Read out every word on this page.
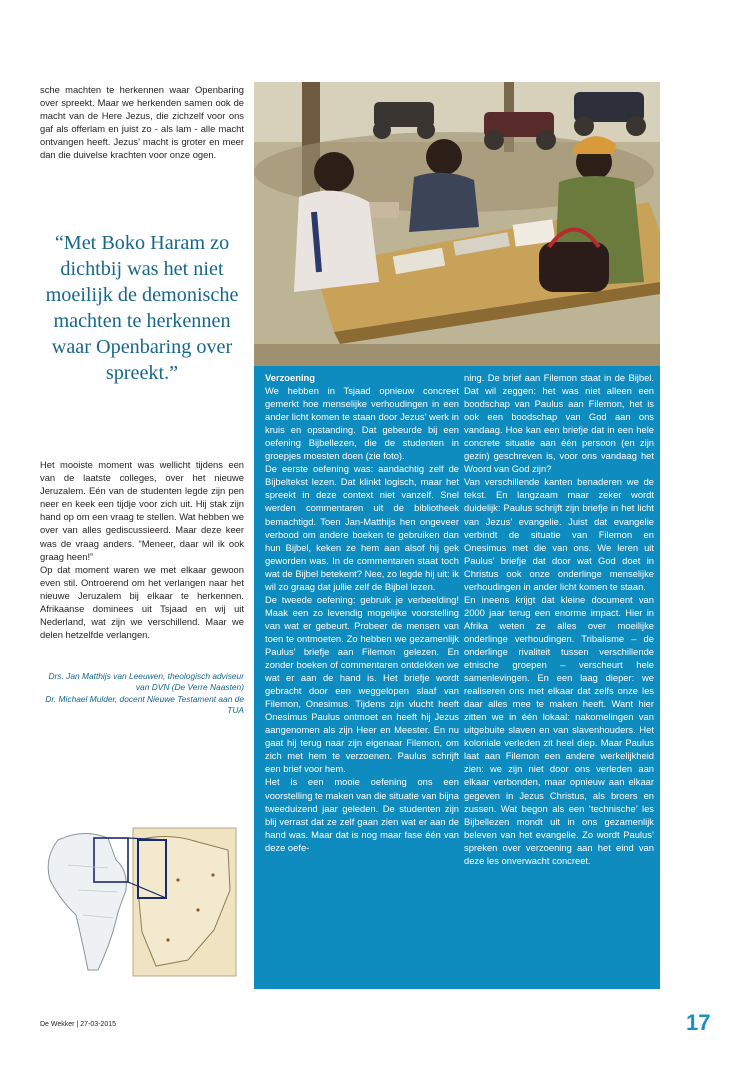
sche machten te herkennen waar Openbaring over spreekt. Maar we herkenden samen ook de macht van de Here Jezus, die zichzelf voor ons gaf als offerlam en juist zo - als lam - alle macht ontvangen heeft. Jezus’ macht is groter en meer dan die duivelse krachten voor onze ogen.

“Met Boko Haram zo dichtbij was het niet moeilijk de demonische machten te herkennen waar Openbaring over spreekt.”

Het mooiste moment was wellicht tijdens een van de laatste colleges, over het nieuwe Jeruzalem. Eén van de studenten legde zijn pen neer en keek een tijdje voor zich uit. Hij stak zijn hand op om een vraag te stellen. Wat hebben we over van alles gediscussieerd. Maar deze keer was de vraag anders. “Meneer, daar wil ik ook graag heen!”

Op dat moment waren we met elkaar gewoon even stil. Ontroerend om het verlangen naar het nieuwe Jeruzalem bij elkaar te herkennen. Afrikaanse dominees uit Tsjaad en wij uit Nederland, wat zijn we verschillend. Maar we delen hetzelfde verlangen.

Drs. Jan Matthijs van Leeuwen, theologisch adviseur van DVN (De Verre Naasten)

Dr. Michael Mulder, docent Nieuwe Testament aan de TUA

Verzoening

We hebben in Tsjaad opnieuw concreet gemerkt hoe menselijke verhoudingen in een ander licht komen te staan door Jezus’ werk in kruis en opstanding. Dat gebeurde bij een oefening Bijbellezen, die de studenten in groepjes moesten doen (zie foto).

De eerste oefening was: aandachtig zelf de Bijbeltekst lezen. Dat klinkt logisch, maar het spreekt in deze context niet vanzelf. Snel werden commentaren uit de bibliotheek bemachtigd. Toen Jan-Matthijs hen ongeveer verbood om andere boeken te gebruiken dan hun Bijbel, keken ze hem aan alsof hij gek geworden was. In de commentaren staat toch wat de Bijbel betekent? Nee, zo legde hij uit: ik wil zo graag dat jullie zelf de Bijbel lezen.

De tweede oefening: gebruik je verbeelding! Maak een zo levendig mogelijke voorstelling van wat er gebeurt. Probeer de mensen van toen te ontmoeten. Zo hebben we gezamenlijk Paulus’ briefje aan Filemon gelezen. En zonder boeken of commentaren ontdekken we wat er aan de hand is. Het briefje wordt gebracht door een weggelopen slaaf van Filemon, Onesimus. Tijdens zijn vlucht heeft Onesimus Paulus ontmoet en heeft hij Jezus aangenomen als zijn Heer en Meester. En nu gaat hij terug naar zijn eigenaar Filemon, om zich met hem te verzoenen. Paulus schrijft een brief voor hem.

Het is een mooie oefening ons een voorstelling te maken van die situatie van bijna tweeduizend jaar geleden. De studenten zijn blij verrast dat ze zelf gaan zien wat er aan de hand was. Maar dat is nog maar fase één van deze oefe-

ning. De brief aan Filemon staat in de Bijbel. Dat wil zeggen: het was niet alleen een boodschap van Paulus aan Filemon, het is ook een boodschap van God aan ons vandaag. Hoe kan een briefje dat in een hele concrete situatie aan één persoon (en zijn gezin) geschreven is, voor ons vandaag het Woord van God zijn?

Van verschillende kanten benaderen we de tekst. En langzaam maar zeker wordt duidelijk: Paulus schrijft zijn briefje in het licht van Jezus’ evangelie. Juist dat evangelie verbindt de situatie van Filemon en Onesimus met die van ons. We leren uit Paulus’ briefje dat door wat God doet in Christus ook onze onderlinge menselijke verhoudingen in ander licht komen te staan.

En ineens krijgt dat kleine document van 2000 jaar terug een enorme impact. Hier in Afrika weten ze alles over moeilijke onderlinge verhoudingen. Tribalisme – de onderlinge rivaliteit tussen verschillende etnische groepen – verscheurt hele samenlevingen. En een laag dieper: we realiseren ons met elkaar dat zelfs onze les daar alles mee te maken heeft. Want hier zitten we in één lokaal: nakomelingen van uitgebuite slaven en van slavenhouders. Het koloniale verleden zit heel diep. Maar Paulus laat aan Filemon een andere werkelijkheid zien: we zijn niet door ons verleden aan elkaar verbonden, maar opnieuw aan elkaar gegeven in Jezus Christus, als broers en zussen. Wat begon als een ‘technische’ les Bijbellezen mondt uit in ons gezamenlijk beleven van het evangelie. Zo wordt Paulus’ spreken over verzoening aan het eind van deze les onverwacht concreet.

De Wekker | 27-03-2015	17
